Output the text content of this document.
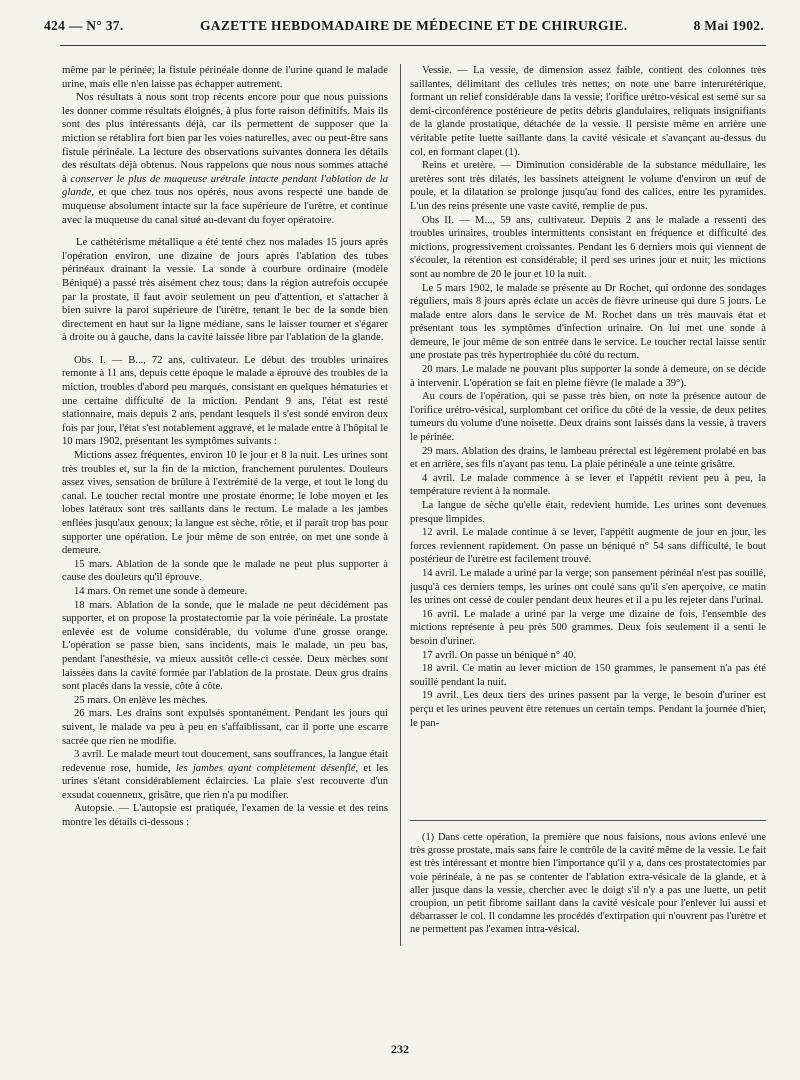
424 — N° 37.	GAZETTE HEBDOMADAIRE DE MÉDECINE ET DE CHIRURGIE.	8 Mai 1902.

même par le périnée; la fistule périnéale donne de l'urine quand le malade urine, mais elle n'en laisse pas échapper autrement.

Nos résultats à nous sont trop récents encore pour que nous puissions les donner comme résultats éloignés, à plus forte raison définitifs. Mais ils sont des plus intéressants déjà, car ils permettent de supposer que la miction se rétablira fort bien par les voies naturelles, avec ou peut-être sans fistule périnéale. La lecture des observations suivantes donnera les détails des résultats déjà obtenus. Nous rappelons que nous nous sommes attaché à conserver le plus de muqueuse urétrale intacte pendant l'ablation de la glande, et que chez tous nos opérés, nous avons respecté une bande de muqueuse absolument intacte sur la face supérieure de l'urètre, et continue avec la muqueuse du canal situé au-devant du foyer opératoire.

Le cathétérisme métallique a été tenté chez nos malades 15 jours après l'opération environ, une dizaine de jours après l'ablation des tubes périnéaux drainant la vessie. La sonde à courbure ordinaire (modèle Béniqué) a passé très aisément chez tous; dans la région autrefois occupée par la prostate, il faut avoir seulement un peu d'attention, et s'attacher à bien suivre la paroi supérieure de l'urètre, tenant le bec de la sonde bien directement en haut sur la ligne médiane, sans le laisser tourner et s'égarer à droite ou à gauche, dans la cavité laissée libre par l'ablation de la glande.

Obs. I. — B..., 72 ans, cultivateur. Le début des troubles urinaires remonte à 11 ans, depuis cette époque le malade a éprouvé des troubles de la miction, troubles d'abord peu marqués, consistant en quelques hématuries et une certaine difficulté de la miction. Pendant 9 ans, l'état est resté stationnaire, mais depuis 2 ans, pendant lesquels il s'est sondé environ deux fois par jour, l'état s'est notablement aggravé, et le malade entre à l'hôpital le 10 mars 1902, présentant les symptômes suivants :

Mictions assez fréquentes, environ 10 le jour et 8 la nuit. Les urines sont très troubles et, sur la fin de la miction, franchement purulentes. Douleurs assez vives, sensation de brûlure à l'extrémité de la verge, et tout le long du canal. Le toucher rectal montre une prostate énorme; le lobe moyen et les lobes latéraux sont très saillants dans le rectum. Le malade a les jambes enflées jusqu'aux genoux; la langue est sèche, rôtie, et il paraît trop bas pour supporter une opération. Le jour même de son entrée, on met une sonde à demeure.

15 mars. Ablation de la sonde que le malade ne peut plus supporter à cause des douleurs qu'il éprouve.

14 mars. On remet une sonde à demeure.

18 mars. Ablation de la sonde, que le malade ne peut décidément pas supporter, et on propose la prostatectomie par la voie périnéale. La prostate enlevée est de volume considérable, du volume d'une grosse orange. L'opération se passe bien, sans incidents, mais le malade, un peu bas, pendant l'anesthésie, va mieux aussitôt celle-ci cessée. Deux mèches sont laissées dans la cavité formée par l'ablation de la prostate. Deux gros drains sont placés dans la vessie, côte à côte.

25 mars. On enlève les mèches.

26 mars. Les drains sont expulsés spontanément. Pendant les jours qui suivent, le malade va peu à peu en s'affaiblissant, car il porte une escarre sacrée que rien ne modifie.

3 avril. Le malade meurt tout doucement, sans souffrances, la langue était redevenue rose, humide, les jambes ayant complètement désenflé, et les urines s'étant considérablement éclaircies. La plaie s'est recouverte d'un exsudat couenneux, grisâtre, que rien n'a pu modifier.

Autopsie. — L'autopsie est pratiquée, l'examen de la vessie et des reins montre les détails ci-dessous :

Vessie. — La vessie, de dimension assez faible, contient des colonnes très saillantes, délimitant des cellules très nettes; on note une barre interurétérique, formant un relief considérable dans la vessie; l'orifice urétro-vésical est semé sur sa demi-circonférence postérieure de petits débris glandulaires, reliquats insignifiants de la glande prostatique, détachée de la vessie. Il persiste même en arrière une véritable petite luette saillante dans la cavité vésicale et s'avançant au-dessus du col, en formant clapet (1).

Reins et uretère. — Diminution considérable de la substance médullaire, les uretères sont très dilatés, les bassinets atteignent le volume d'environ un œuf de poule, et la dilatation se prolonge jusqu'au fond des calices, entre les pyramides. L'un des reins présente une vaste cavité, remplie de pus.

Obs II. — M..., 59 ans, cultivateur. Depuis 2 ans le malade a ressenti des troubles urinaires, troubles intermittents consistant en fréquence et difficulté des mictions, progressivement croissantes. Pendant les 6 derniers mois qui viennent de s'écouler, la rétention est considérable; il perd ses urines jour et nuit; les mictions sont au nombre de 20 le jour et 10 la nuit.

Le 5 mars 1902, le malade se présente au Dr Rochet, qui ordonne des sondages réguliers, mais 8 jours après éclate un accès de fièvre urineuse qui dure 5 jours. Le malade entre alors dans le service de M. Rochet dans un très mauvais état et présentant tous les symptômes d'infection urinaire. On lui met une sonde à demeure, le jour même de son entrée dans le service. Le toucher rectal laisse sentir une prostate pas très hypertrophiée du côté du rectum.

20 mars. Le malade ne pouvant plus supporter la sonde à demeure, on se décide à intervenir. L'opération se fait en pleine fièvre (le malade a 39°).

Au cours de l'opération, qui se passe très bien, on note la présence autour de l'orifice urétro-vésical, surplombant cet orifice du côté de la vessie, de deux petites tumeurs du volume d'une noisette. Deux drains sont laissés dans la vessie, à travers le périnée.

29 mars. Ablation des drains, le lambeau prérectal est légèrement prolabé en bas et en arrière, ses fils n'ayant pas tenu. La plaie périnéale a une teinte grisâtre.

4 avril. Le malade commence à se lever et l'appétit revient peu à peu, la température revient à la normale.

La langue de sèche qu'elle était, redevient humide. Les urines sont devenues presque limpides.

12 avril. Le malade continue à se lever, l'appétit augmente de jour en jour, les forces reviennent rapidement. On passe un béniqué n° 54 sans difficulté, le bout postérieur de l'urètre est facilement trouvé.

14 avril. Le malade a uriné par la verge; son pansement périnéal n'est pas souillé, jusqu'à ces derniers temps, les urines ont coulé sans qu'il s'en aperçoive, ce matin les urines ont cessé de couler pendant deux heures et il a pu les rejeter dans l'urinal.

16 avril. Le malade a uriné par la verge une dizaine de fois, l'ensemble des mictions représente à peu près 500 grammes. Deux fois seulement il a senti le besoin d'uriner.

17 avril. On passe un béniqué n° 40.

18 avril. Ce matin au lever miction de 150 grammes, le pansement n'a pas été souillé pendant la nuit.

19 avril. Les deux tiers des urines passent par la verge, le besoin d'uriner est perçu et les urines peuvent être retenues un certain temps. Pendant la journée d'hier, le pan-

(1) Dans cette opération, la première que nous faisions, nous avions enlevé une très grosse prostate, mais sans faire le contrôle de la cavité même de la vessie. Le fait est très intéressant et montre bien l'importance qu'il y a, dans ces prostatectomies par voie périnéale, à ne pas se contenter de l'ablation extra-vésicale de la glande, et à aller jusque dans la vessie, chercher avec le doigt s'il n'y a pas une luette, un petit croupion, un petit fibrome saillant dans la cavité vésicale pour l'enlever lui aussi et débarrasser le col. Il condamne les procédés d'extirpation qui n'ouvrent pas l'urètre et ne permettent pas l'examen intra-vésical.

232
